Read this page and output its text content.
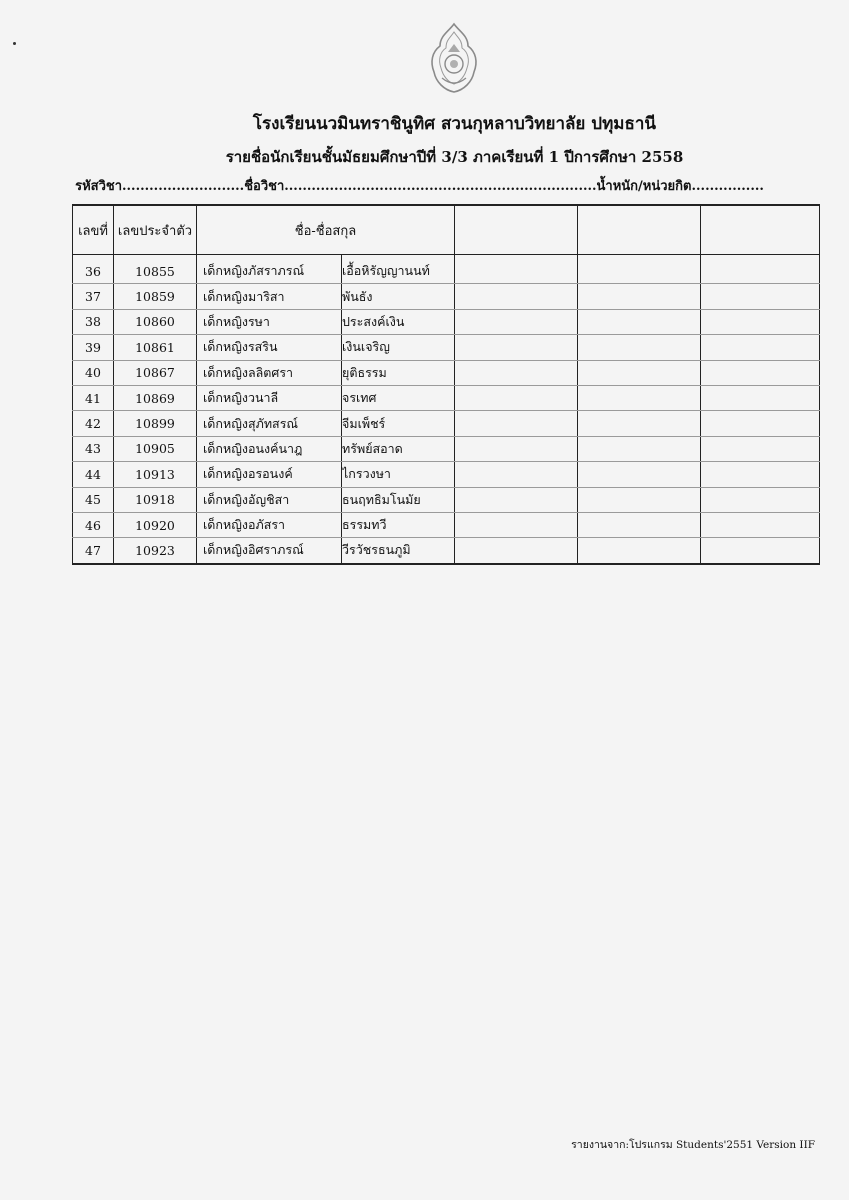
โรงเรียนนวมินทราชินูทิศ สวนกุหลาบวิทยาลัย ปทุมธานี
รายชื่อนักเรียนชั้นมัธยมศึกษาปีที่ 3/3 ภาคเรียนที่ 1 ปีการศึกษา 2558
รหัสวิชา...........................ชื่อวิชา.....................................................................น้ำหนัก/หน่วยกิต................
เลขที่	เลขประจำตัว	ชื่อ-ชื่อสกุล				

36	10855	เด็กหญิงภัสราภรณ์	เอื้อหิรัญญานนท์			
37	10859	เด็กหญิงมาริสา	พันธัง			
38	10860	เด็กหญิงรษา	ประสงค์เงิน			
39	10861	เด็กหญิงรสริน	เงินเจริญ			
40	10867	เด็กหญิงลลิตศรา	ยุติธรรม			
41	10869	เด็กหญิงวนาลี	จรเทศ			
42	10899	เด็กหญิงสุภัทสรณ์	จีมเพ็ชร์			
43	10905	เด็กหญิงอนงค์นาฎ	ทรัพย์สอาด			
44	10913	เด็กหญิงอรอนงค์	ไกรวงษา			
45	10918	เด็กหญิงอัญชิสา	ธนฤทธิมโนมัย			
46	10920	เด็กหญิงอภัสรา	ธรรมทวี			
47	10923	เด็กหญิงอิศราภรณ์	วีรวัชรธนภูมิ			
รายงานจาก:โปรแกรม Students'2551 Version IIF
